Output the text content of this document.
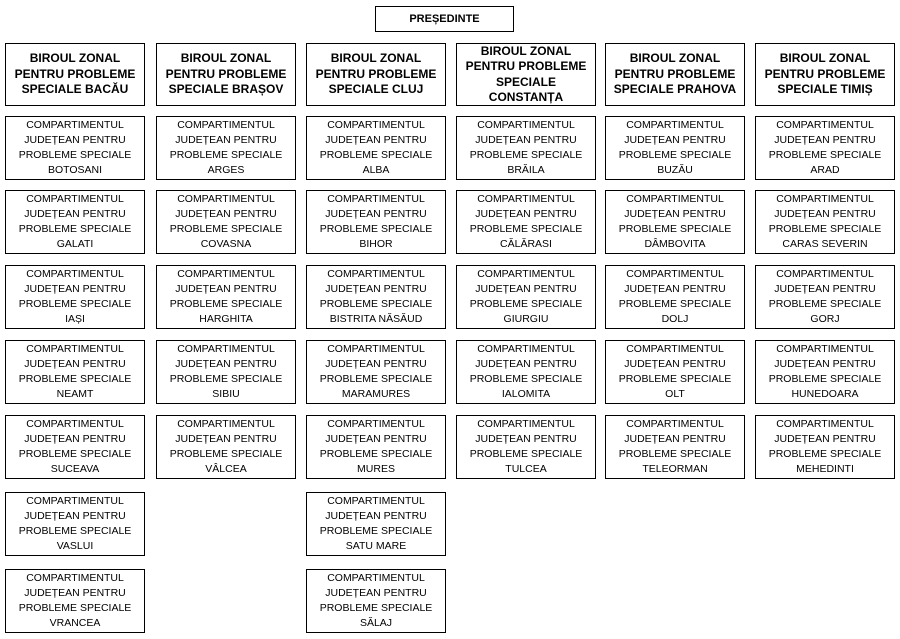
PREȘEDINTE
BIROUL ZONAL PENTRU PROBLEME SPECIALE BACĂU
COMPARTIMENTUL JUDEȚEAN PENTRU PROBLEME SPECIALE BOTOSANI
COMPARTIMENTUL JUDEȚEAN PENTRU PROBLEME SPECIALE GALATI
COMPARTIMENTUL JUDEȚEAN PENTRU PROBLEME SPECIALE IAȘI
COMPARTIMENTUL JUDEȚEAN PENTRU PROBLEME SPECIALE NEAMT
COMPARTIMENTUL JUDEȚEAN PENTRU PROBLEME SPECIALE SUCEAVA
COMPARTIMENTUL JUDEȚEAN PENTRU PROBLEME SPECIALE VASLUI
COMPARTIMENTUL JUDEȚEAN PENTRU PROBLEME SPECIALE VRANCEA
BIROUL ZONAL PENTRU PROBLEME SPECIALE BRAȘOV
COMPARTIMENTUL JUDEȚEAN PENTRU PROBLEME SPECIALE ARGES
COMPARTIMENTUL JUDEȚEAN PENTRU PROBLEME SPECIALE COVASNA
COMPARTIMENTUL JUDEȚEAN PENTRU PROBLEME SPECIALE HARGHITA
COMPARTIMENTUL JUDEȚEAN PENTRU PROBLEME SPECIALE SIBIU
COMPARTIMENTUL JUDEȚEAN PENTRU PROBLEME SPECIALE VÂLCEA
BIROUL ZONAL PENTRU PROBLEME SPECIALE CLUJ
COMPARTIMENTUL JUDEȚEAN PENTRU PROBLEME SPECIALE ALBA
COMPARTIMENTUL JUDEȚEAN PENTRU PROBLEME SPECIALE BIHOR
COMPARTIMENTUL JUDEȚEAN PENTRU PROBLEME SPECIALE BISTRITA NĂSĂUD
COMPARTIMENTUL JUDEȚEAN PENTRU PROBLEME SPECIALE MARAMURES
COMPARTIMENTUL JUDEȚEAN PENTRU PROBLEME SPECIALE MURES
COMPARTIMENTUL JUDEȚEAN PENTRU PROBLEME SPECIALE SATU MARE
COMPARTIMENTUL JUDEȚEAN PENTRU PROBLEME SPECIALE SĂLAJ
BIROUL ZONAL PENTRU PROBLEME SPECIALE CONSTANȚA
COMPARTIMENTUL JUDEȚEAN PENTRU PROBLEME SPECIALE BRĂILA
COMPARTIMENTUL JUDEȚEAN PENTRU PROBLEME SPECIALE CĂLĂRASI
COMPARTIMENTUL JUDEȚEAN PENTRU PROBLEME SPECIALE GIURGIU
COMPARTIMENTUL JUDEȚEAN PENTRU PROBLEME SPECIALE IALOMITA
COMPARTIMENTUL JUDEȚEAN PENTRU PROBLEME SPECIALE TULCEA
BIROUL ZONAL PENTRU PROBLEME SPECIALE PRAHOVA
COMPARTIMENTUL JUDEȚEAN PENTRU PROBLEME SPECIALE BUZĂU
COMPARTIMENTUL JUDEȚEAN PENTRU PROBLEME SPECIALE DÂMBOVITA
COMPARTIMENTUL JUDEȚEAN PENTRU PROBLEME SPECIALE DOLJ
COMPARTIMENTUL JUDEȚEAN PENTRU PROBLEME SPECIALE OLT
COMPARTIMENTUL JUDEȚEAN PENTRU PROBLEME SPECIALE TELEORMAN
BIROUL ZONAL PENTRU PROBLEME SPECIALE TIMIȘ
COMPARTIMENTUL JUDEȚEAN PENTRU PROBLEME SPECIALE ARAD
COMPARTIMENTUL JUDEȚEAN PENTRU PROBLEME SPECIALE CARAS SEVERIN
COMPARTIMENTUL JUDEȚEAN PENTRU PROBLEME SPECIALE GORJ
COMPARTIMENTUL JUDEȚEAN PENTRU PROBLEME SPECIALE HUNEDOARA
COMPARTIMENTUL JUDEȚEAN PENTRU PROBLEME SPECIALE MEHEDINTI
